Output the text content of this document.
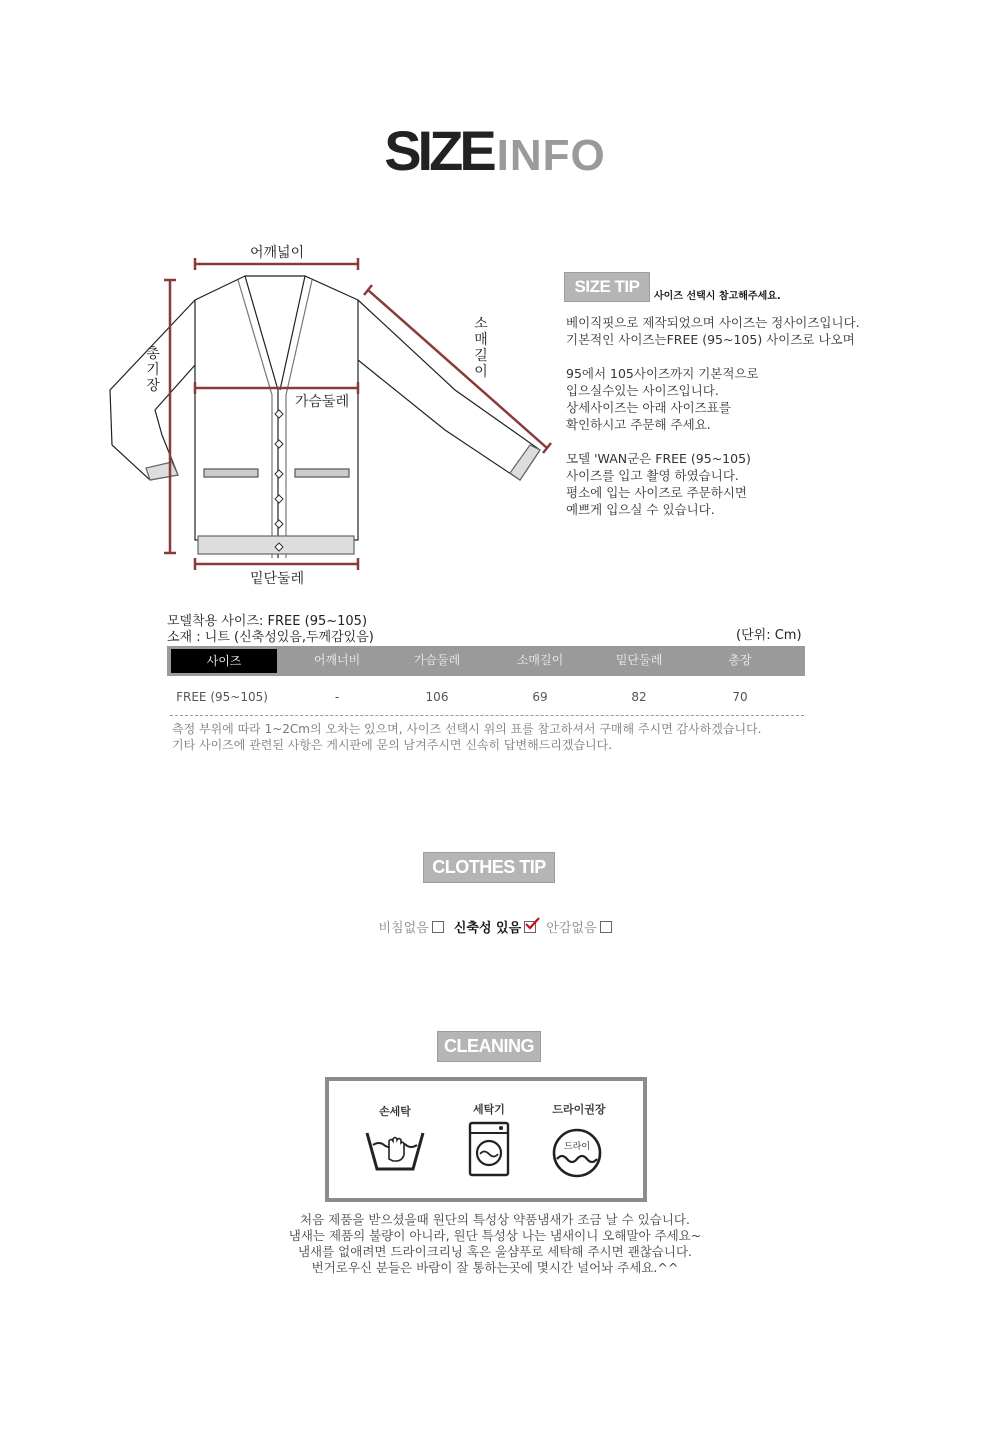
SIZEINFO
어깨넓이
가슴둘레
총기장
소매길이
밑단둘레
SIZE TIP
사이즈 선택시 참고해주세요.
베이직핏으로 제작되었으며 사이즈는 정사이즈입니다.
기본적인 사이즈는FREE (95~105) 사이즈로 나오며
95에서 105사이즈까지 기본적으로
입으실수있는 사이즈입니다.
상세사이즈는 아래 사이즈표를
확인하시고 주문해 주세요.
모델 'WAN군은 FREE (95~105)
사이즈를 입고 촬영 하였습니다.
평소에 입는 사이즈로 주문하시면
예쁘게 입으실 수 있습니다.
모델착용 사이즈: FREE (95~105)
소재 : 니트 (신축성있음,두께감있음)	(단위: Cm)
사이즈	어깨너비	가슴둘레	소매길이	밑단둘레	총장
FREE (95~105)	-	106	69	82	70
측정 부위에 따라 1~2Cm의 오차는 있으며, 사이즈 선택시 위의 표를 참고하셔서 구매해 주시면 감사하겠습니다.
기타 사이즈에 관련된 사항은 게시판에 문의 남겨주시면 신속히 답변해드리겠습니다.
CLOTHES TIP
비침없음 신축성 있음 안감없음
CLEANING
손세탁	세탁기	드라이권장
드라이
처음 제품을 받으셨을때 원단의 특성상 약품냄새가 조금 날 수 있습니다.
냄새는 제품의 불량이 아니라, 원단 특성상 나는 냄새이니 오해말아 주세요~
냄새를 없애려면 드라이크리닝 혹은 울샴푸로 세탁해 주시면 괜찮습니다.
번거로우신 분들은 바람이 잘 통하는곳에 몇시간 널어놔 주세요.^^
